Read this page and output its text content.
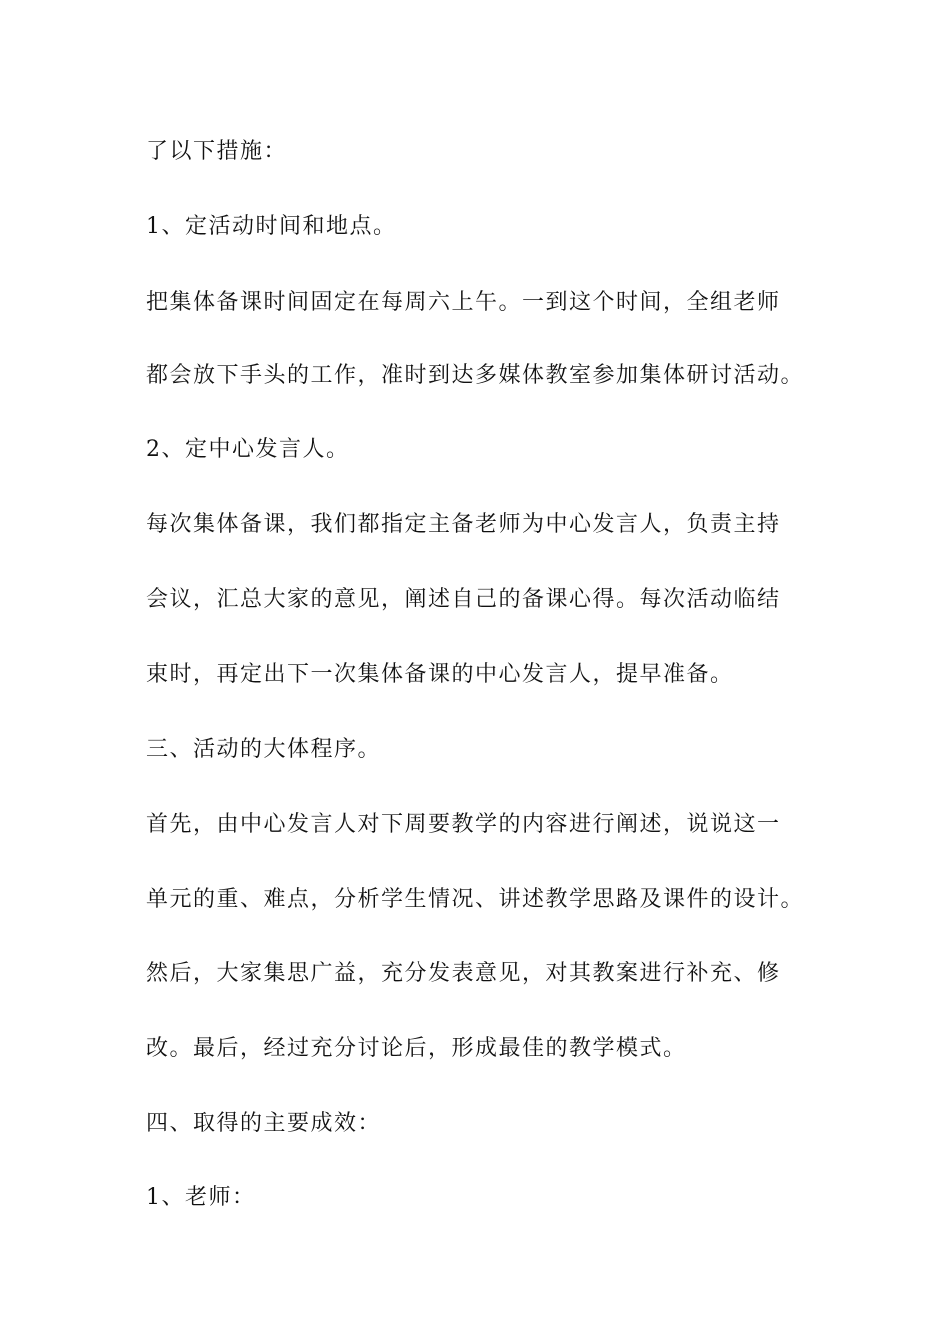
了以下措施：
1、定活动时间和地点。
把集体备课时间固定在每周六上午。一到这个时间，全组老师
都会放下手头的工作，准时到达多媒体教室参加集体研讨活动。
2、定中心发言人。
每次集体备课，我们都指定主备老师为中心发言人，负责主持
会议，汇总大家的意见，阐述自己的备课心得。每次活动临结
束时，再定出下一次集体备课的中心发言人，提早准备。
三、活动的大体程序。
首先，由中心发言人对下周要教学的内容进行阐述，说说这一
单元的重、难点，分析学生情况、讲述教学思路及课件的设计。
然后，大家集思广益，充分发表意见，对其教案进行补充、修
改。最后，经过充分讨论后，形成最佳的教学模式。
四、取得的主要成效：
1、老师：
